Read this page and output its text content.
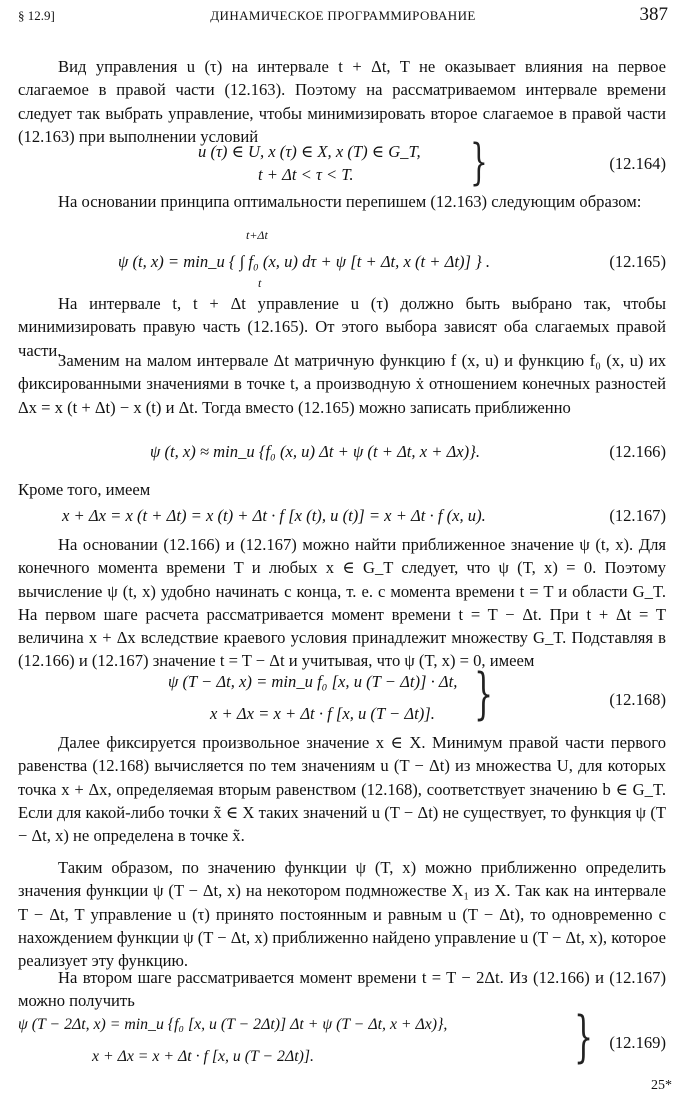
§ 12.9]	ДИНАМИЧЕСКОЕ ПРОГРАММИРОВАНИЕ	387

Вид управления u (τ) на интервале t + Δt, T не оказывает влияния на первое слагаемое в правой части (12.163). Поэтому на рассматриваемом интервале времени следует так выбрать управление, чтобы минимизировать второе слагаемое в правой части (12.163) при выполнении условий

u (τ) ∈ U, x (τ) ∈ X, x (T) ∈ G_T,
t + Δt < τ < T.	}	(12.164)

На основании принципа оптимальности перепишем (12.163) следующим образом:

t+Δt
ψ (t, x) = min_u { ∫ f₀ (x, u) dτ + ψ [t + Δt, x (t + Δt)] } .
t
(12.165)

На интервале t, t + Δt управление u (τ) должно быть выбрано так, чтобы минимизировать правую часть (12.165). От этого выбора зависят оба слагаемых правой части.

Заменим на малом интервале Δt матричную функцию f (x, u) и функцию f₀ (x, u) их фиксированными значениями в точке t, а производную ẋ отношением конечных разностей Δx = x (t + Δt) − x (t) и Δt. Тогда вместо (12.165) можно записать приближенно

ψ (t, x) ≈ min_u {f₀ (x, u) Δt + ψ (t + Δt, x + Δx)}.	(12.166)

Кроме того, имеем

x + Δx = x (t + Δt) = x (t) + Δt · f [x (t), u (t)] = x + Δt · f (x, u).	(12.167)

На основании (12.166) и (12.167) можно найти приближенное значение ψ (t, x). Для конечного момента времени T и любых x ∈ G_T следует, что ψ (T, x) = 0. Поэтому вычисление ψ (t, x) удобно начинать с конца, т. е. с момента времени t = T и области G_T. На первом шаге расчета рассматривается момент времени t = T − Δt. При t + Δt = T величина x + Δx вследствие краевого условия принадлежит множеству G_T. Подставляя в (12.166) и (12.167) значение t = T − Δt и учитывая, что ψ (T, x) = 0, имеем

ψ (T − Δt, x) = min_u f₀ [x, u (T − Δt)] · Δt,
x + Δx = x + Δt · f [x, u (T − Δt)]. }	(12.168)

Далее фиксируется произвольное значение x ∈ X. Минимум правой части первого равенства (12.168) вычисляется по тем значениям u (T − Δt) из множества U, для которых точка x + Δx, определяемая вторым равенством (12.168), соответствует значению b ∈ G_T. Если для какой-либо точки x̃ ∈ X таких значений u (T − Δt) не существует, то функция ψ (T − Δt, x) не определена в точке x̃.

Таким образом, по значению функции ψ (T, x) можно приближенно определить значения функции ψ (T − Δt, x) на некотором подмножестве X₁ из X. Так как на интервале T − Δt, T управление u (τ) принято постоянным и равным u (T − Δt), то одновременно с нахождением функции ψ (T − Δt, x) приближенно найдено управление u (T − Δt, x), которое реализует эту функцию.

На втором шаге рассматривается момент времени t = T − 2Δt. Из (12.166) и (12.167) можно получить

ψ (T − 2Δt, x) = min_u {f₀ [x, u (T − 2Δt)] Δt + ψ (T − Δt, x + Δx)},
x + Δx = x + Δt · f [x, u (T − 2Δt)].	} (12.169)
25*
